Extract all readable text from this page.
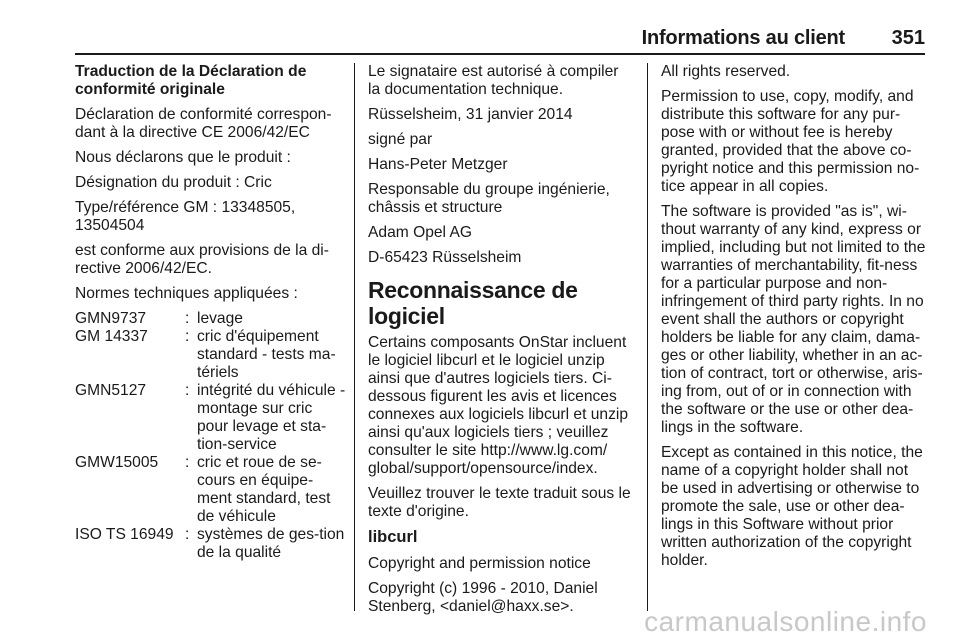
Informations au client 351

Traduction de la Déclaration de conformité originale

Déclaration de conformité correspon-dant à la directive CE 2006/42/EC

Nous déclarons que le produit :

Désignation du produit : Cric

Type/référence GM : 13348505, 13504504

est conforme aux provisions de la di-rective 2006/42/EC.

Normes techniques appliquées :

GMN9737	: levage
GM 14337	: cric d'équipement standard - tests ma-tériels
GMN5127	: intégrité du véhicule - montage sur cric pour levage et sta-tion-service
GMW15005	: cric et roue de se-cours en équipe-ment standard, test de véhicule
ISO TS 16949 : systèmes de ges-tion de la qualité

Le signataire est autorisé à compiler la documentation technique.

Rüsselsheim, 31 janvier 2014

signé par

Hans-Peter Metzger

Responsable du groupe ingénierie, châssis et structure

Adam Opel AG

D-65423 Rüsselsheim

Reconnaissance de logiciel

Certains composants OnStar incluent le logiciel libcurl et le logiciel unzip ainsi que d'autres logiciels tiers. Ci-dessous figurent les avis et licences connexes aux logiciels libcurl et unzip ainsi qu'aux logiciels tiers ; veuillez consulter le site http://www.lg.com/ global/support/opensource/index.

Veuillez trouver le texte traduit sous le texte d'origine.

libcurl

Copyright and permission notice

Copyright (c) 1996 - 2010, Daniel Stenberg, <daniel@haxx.se>.

All rights reserved.

Permission to use, copy, modify, and distribute this software for any pur-pose with or without fee is hereby granted, provided that the above co-pyright notice and this permission no-tice appear in all copies.

The software is provided "as is", wi-thout warranty of any kind, express or implied, including but not limited to the warranties of merchantability, fit-ness for a particular purpose and non-infringement of third party rights. In no event shall the authors or copyright holders be liable for any claim, dama-ges or other liability, whether in an ac-tion of contract, tort or otherwise, aris-ing from, out of or in connection with the software or the use or other dea-lings in the software.

Except as contained in this notice, the name of a copyright holder shall not be used in advertising or otherwise to promote the sale, use or other dea-lings in this Software without prior written authorization of the copyright holder.

carmanualsonline.info
